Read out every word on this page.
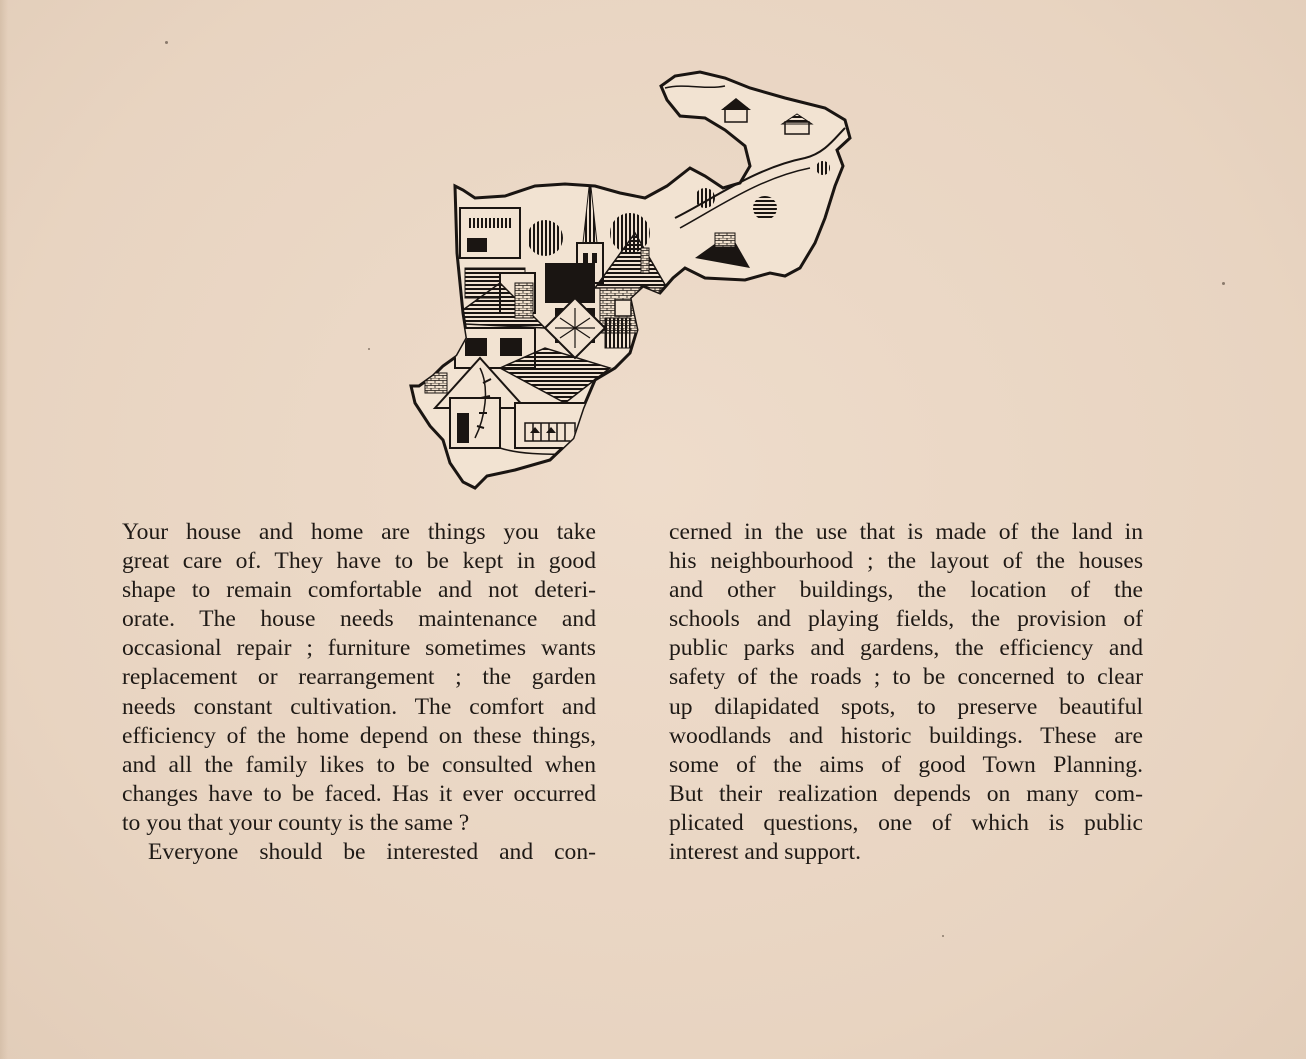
Your house and home are things you take
great care of. They have to be kept in good
shape to remain comfortable and not deteri-
orate. The house needs maintenance and
occasional repair ; furniture sometimes wants
replacement or rearrangement ; the garden
needs constant cultivation. The comfort and
efficiency of the home depend on these things,
and all the family likes to be consulted when
changes have to be faced. Has it ever occurred
to you that your county is the same ?
Everyone should be interested and con-
cerned in the use that is made of the land in
his neighbourhood ; the layout of the houses
and other buildings, the location of the
schools and playing fields, the provision of
public parks and gardens, the efficiency and
safety of the roads ; to be concerned to clear
up dilapidated spots, to preserve beautiful
woodlands and historic buildings. These are
some of the aims of good Town Planning.
But their realization depends on many com-
plicated questions, one of which is public
interest and support.
